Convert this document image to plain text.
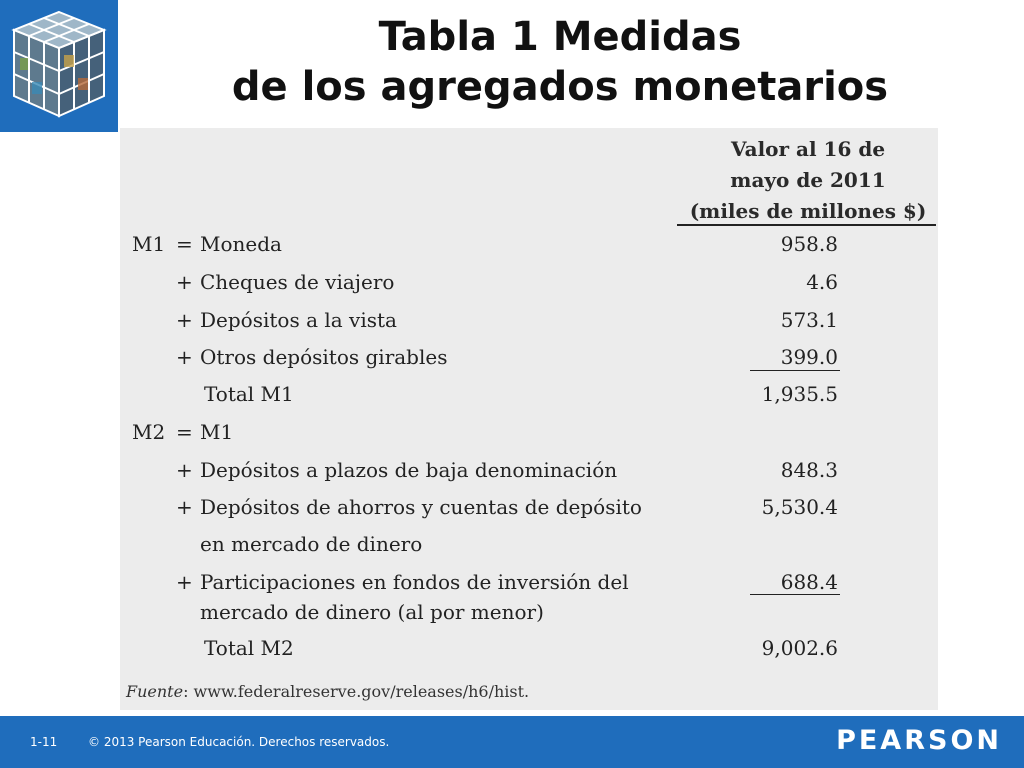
Tabla 1 Medidas
de los agregados monetarios
Valor al 16 de
mayo de 2011
(miles de millones $)
M1 = Moneda	958.8
+ Cheques de viajero	4.6
+ Depósitos a la vista	573.1
+ Otros depósitos girables	399.0
Total M1	1,935.5
M2 = M1
+ Depósitos a plazos de baja denominación	848.3
+ Depósitos de ahorros y cuentas de depósito	5,530.4
en mercado de dinero
+ Participaciones en fondos de inversión del	688.4
mercado de dinero (al por menor)
Total M2	9,002.6
Fuente: www.federalreserve.gov/releases/h6/hist.
1-11	© 2013 Pearson Educación. Derechos reservados.	PEARSON
